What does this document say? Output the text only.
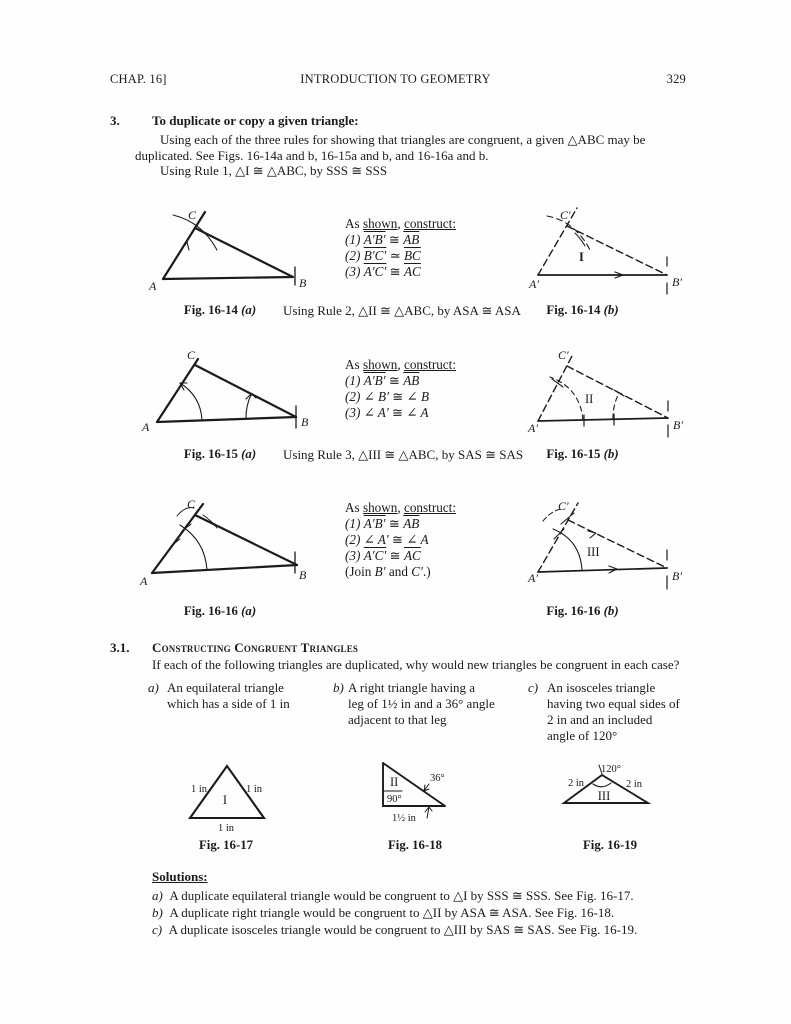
CHAP. 16]	INTRODUCTION TO GEOMETRY	329
3. To duplicate or copy a given triangle:
Using each of the three rules for showing that triangles are congruent, a given △ABC may be
duplicated. See Figs. 16-14a and b, 16-15a and b, and 16-16a and b.
Using Rule 1, △I ≅ △ABC, by SSS ≅ SSS
A	B
C
As shown, construct:
(1) A′B′ ≅ $\overline{AB}$
(2) B′C′ ≃ $\overline{BC}$
(3) A′C′ ≅ $\overline{AC}$
I
A′	B′
C′
Fig. 16-14 (a)	Using Rule 2, △II ≅ △ABC, by ASA ≅ ASA	Fig. 16-14 (b)
A	B
C
As shown, construct:
(1) A′B′ ≅ $\overline{AB}$
(2) ∠ B′ ≅ ∠ B
(3) ∠ A′ ≅ ∠ A
II
A′	B′
C′
Fig. 16-15 (a)	Using Rule 3, △III ≅ △ABC, by SAS ≅ SAS	Fig. 16-15 (b)
A	B
C	As shown, construct:
(1) A′B′ ≅ $\overline{AB}$
(2) ∠ A′ ≅ ∠ A
(3) A′C′ ≅ $\overline{AC}$
(Join B′ and C′.)
III
A′	B′
C′
Fig. 16-16 (a)	Fig. 16-16 (b)
3.1. Constructing Congruent Triangles
If each of the following triangles are duplicated, why would new triangles be congruent in each case?
a) An equilateral triangle
which has a side of 1 in
b) A right triangle having a
leg of 1½ in and a 36° angle
adjacent to that leg
c) An isosceles triangle
having two equal sides of
2 in and an included
angle of 120°
1 in	1 in
I
1 in
Fig. 16-17
II
90°
36°
1½ in
Fig. 16-18
120°
2 in	2 in
III
Fig. 16-19
Solutions:
a) A duplicate equilateral triangle would be congruent to △I by SSS ≅ SSS. See Fig. 16-17.
b) A duplicate right triangle would be congruent to △II by ASA ≅ ASA. See Fig. 16-18.
c) A duplicate isosceles triangle would be congruent to △III by SAS ≅ SAS. See Fig. 16-19.
